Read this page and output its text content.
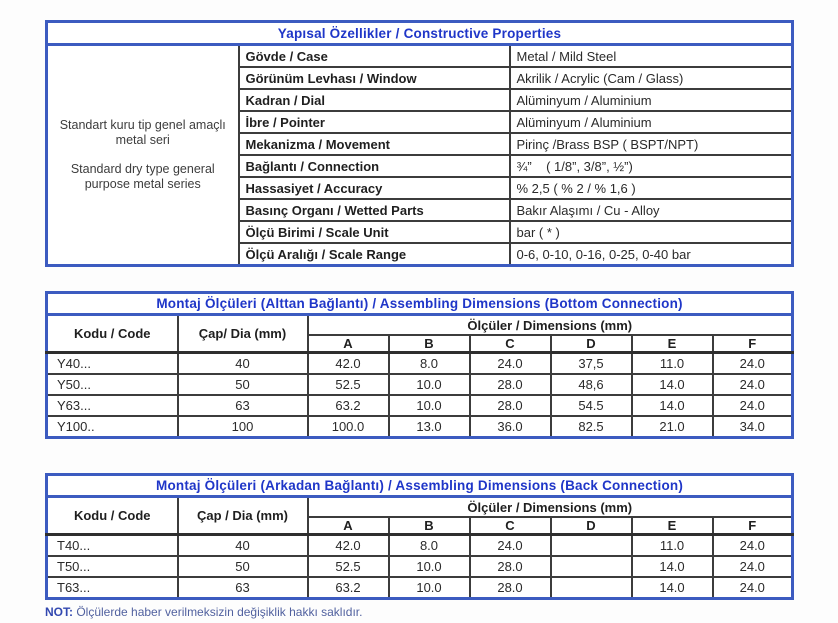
Yapısal Özellikler / Constructive Properties		

Standart kuru tip genel amaçlı metal seri
Standard dry type general purpose metal series	Gövde / Case	Metal / Mild Steel
	Görünüm Levhası / Window	Akrilik / Acrylic (Cam / Glass)
	Kadran / Dial	Alüminyum / Aluminium
	İbre / Pointer	Alüminyum / Aluminium
	Mekanizma / Movement	Pirinç /Brass BSP ( BSPT/NPT)
	Bağlantı / Connection	¾”    ( 1/8”, 3/8”, ½”)
	Hassasiyet / Accuracy	% 2,5 ( % 2 / % 1,6 )
	Basınç Organı / Wetted Parts	Bakır Alaşımı / Cu - Alloy
	Ölçü Birimi / Scale Unit	bar ( * )
	Ölçü Aralığı / Scale Range	0-6, 0-10, 0-16, 0-25, 0-40 bar
Montaj Ölçüleri (Alttan Bağlantı) / Assembling Dimensions (Bottom Connection)							
Kodu / Code	Çap/ Dia (mm)	Ölçüler / Dimensions (mm)					
		A	B	C	D	E	F
Y40...	40	42.0	8.0	24.0	37,5	11.0	24.0
Y50...	50	52.5	10.0	28.0	48,6	14.0	24.0
Y63...	63	63.2	10.0	28.0	54.5	14.0	24.0
Y100..	100	100.0	13.0	36.0	82.5	21.0	34.0
Montaj Ölçüleri (Arkadan Bağlantı) / Assembling Dimensions (Back Connection)							
Kodu / Code	Çap / Dia (mm)	Ölçüler / Dimensions (mm)					
		A	B	C	D	E	F
T40...	40	42.0	8.0	24.0		11.0	24.0
T50...	50	52.5	10.0	28.0		14.0	24.0
T63...	63	63.2	10.0	28.0		14.0	24.0
NOT: Ölçülerde haber verilmeksizin değişiklik hakkı saklıdır.
